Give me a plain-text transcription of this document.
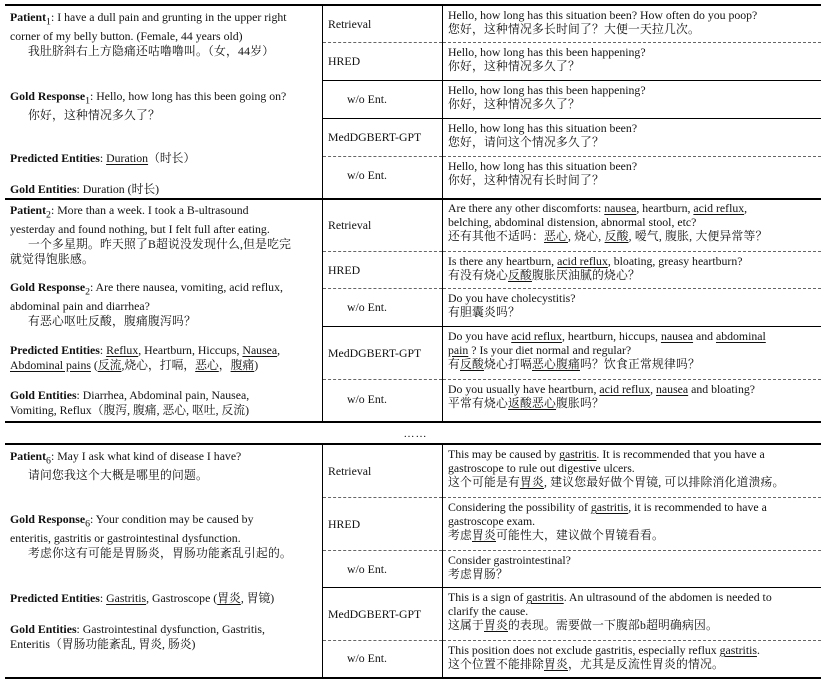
Patient$_1$: I have a dull pain and grunting in the upper right
corner of my belly button. (Female, 44 years old)
我肚脐斜右上方隐痛还咕噜噜叫。（女，44岁）
Gold Response$_1$: Hello, how long has this been going on?
你好，这种情况多久了？
Predicted Entities: Duration（时长）
Gold Entities: Duration (时长)
Retrieval
HRED
w/o Ent.
MedDGBERT-GPT
w/o Ent.
Hello, how long has this situation been? How often do you poop?
您好，这种情况多长时间了？大便一天拉几次。
Hello, how long has this been happening?
你好，这种情况多久了？
Hello, how long has this been happening?
你好，这种情况多久了？
Hello, how long has this situation been?
您好，请问这个情况多久了？
Hello, how long has this situation been?
你好，这种情况有长时间了？
Patient$_2$: More than a week. I took a B-ultrasound
yesterday and found nothing, but I felt full after eating.
一个多星期。昨天照了B超说没发现什么,但是吃完
就觉得饱胀感。
Gold Response$_2$: Are there nausea, vomiting, acid reflux,
abdominal pain and diarrhea?
有恶心呕吐反酸，腹痛腹泻吗？
Predicted Entities: Reflux, Heartburn, Hiccups, Nausea,
Abdominal pains (反流,烧心，打嗝，恶心，腹痛)
Gold Entities: Diarrhea, Abdominal pain, Nausea,
Vomiting, Reflux（腹泻, 腹痛, 恶心, 呕吐, 反流)
Retrieval
HRED
w/o Ent.
MedDGBERT-GPT
w/o Ent.
Are there any other discomforts: nausea, heartburn, acid reflux,
belching, abdominal distension, abnormal stool, etc?
还有其他不适吗：恶心, 烧心, 反酸, 嗳气, 腹胀, 大便异常等？
Is there any heartburn, acid reflux, bloating, greasy heartburn?
有没有烧心反酸腹胀厌油腻的烧心？
Do you have cholecystitis?
有胆囊炎吗？
Do you have acid reflux, heartburn, hiccups, nausea and abdominal
pain ? Is your diet normal and regular?
有反酸烧心打嗝恶心腹痛吗？饮食正常规律吗？
Do you usually have heartburn, acid reflux, nausea and bloating?
平常有烧心返酸恶心腹胀吗？
……
Patient$_6$: May I ask what kind of disease I have?
请问您我这个大概是哪里的问题。
Gold Response$_6$: Your condition may be caused by
enteritis, gastritis or gastrointestinal dysfunction.
考虑你这有可能是胃肠炎，胃肠功能紊乱引起的。
Predicted Entities: Gastritis, Gastroscope (胃炎, 胃镜)
Gold Entities: Gastrointestinal dysfunction, Gastritis,
Enteritis（胃肠功能紊乱, 胃炎, 肠炎)
Retrieval
HRED
w/o Ent.
MedDGBERT-GPT
w/o Ent.
This may be caused by gastritis. It is recommended that you have a
gastroscope to rule out digestive ulcers.
这个可能是有胃炎, 建议您最好做个胃镜, 可以排除消化道溃疡。
Considering the possibility of gastritis, it is recommended to have a
gastroscope exam.
考虑胃炎可能性大，建议做个胃镜看看。
Consider gastrointestinal?
考虑胃肠？
This is a sign of gastritis. An ultrasound of the abdomen is needed to
clarify the cause.
这属于胃炎的表现。需要做一下腹部b超明确病因。
This position does not exclude gastritis, especially reflux gastritis.
这个位置不能排除胃炎，尤其是反流性胃炎的情况。
